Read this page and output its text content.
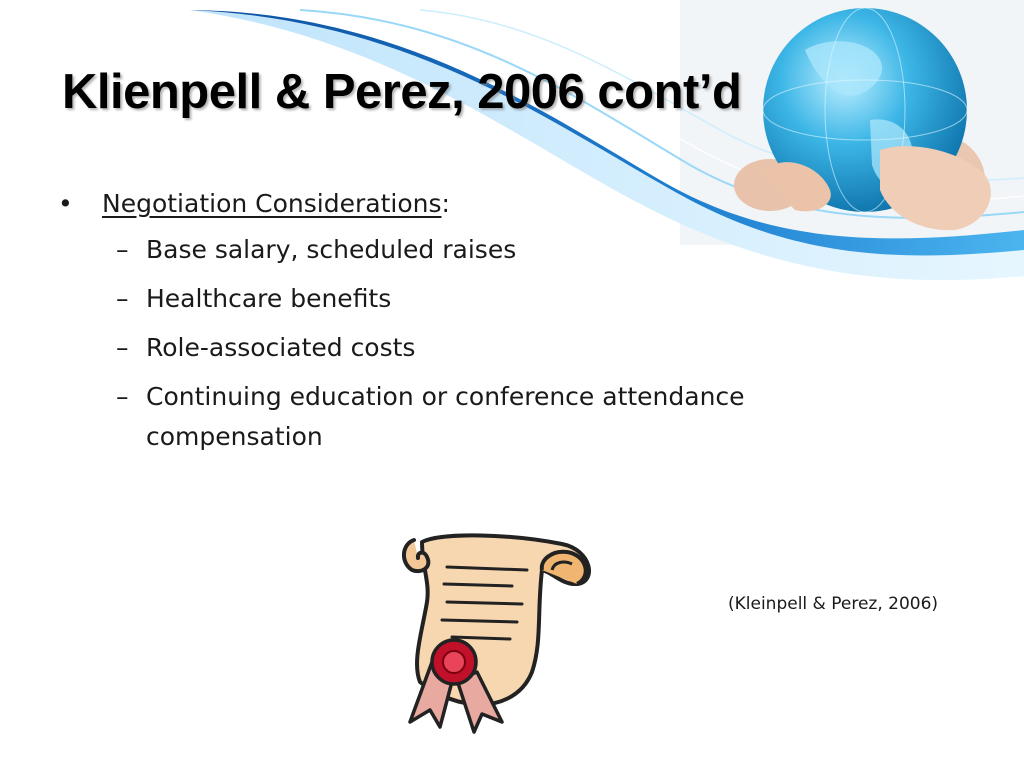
Klienpell & Perez, 2006 cont’d
•	Negotiation Considerations:
– Base salary, scheduled raises
– Healthcare benefits
– Role-associated costs
– Continuing education or conference attendance compensation
(Kleinpell & Perez, 2006)
